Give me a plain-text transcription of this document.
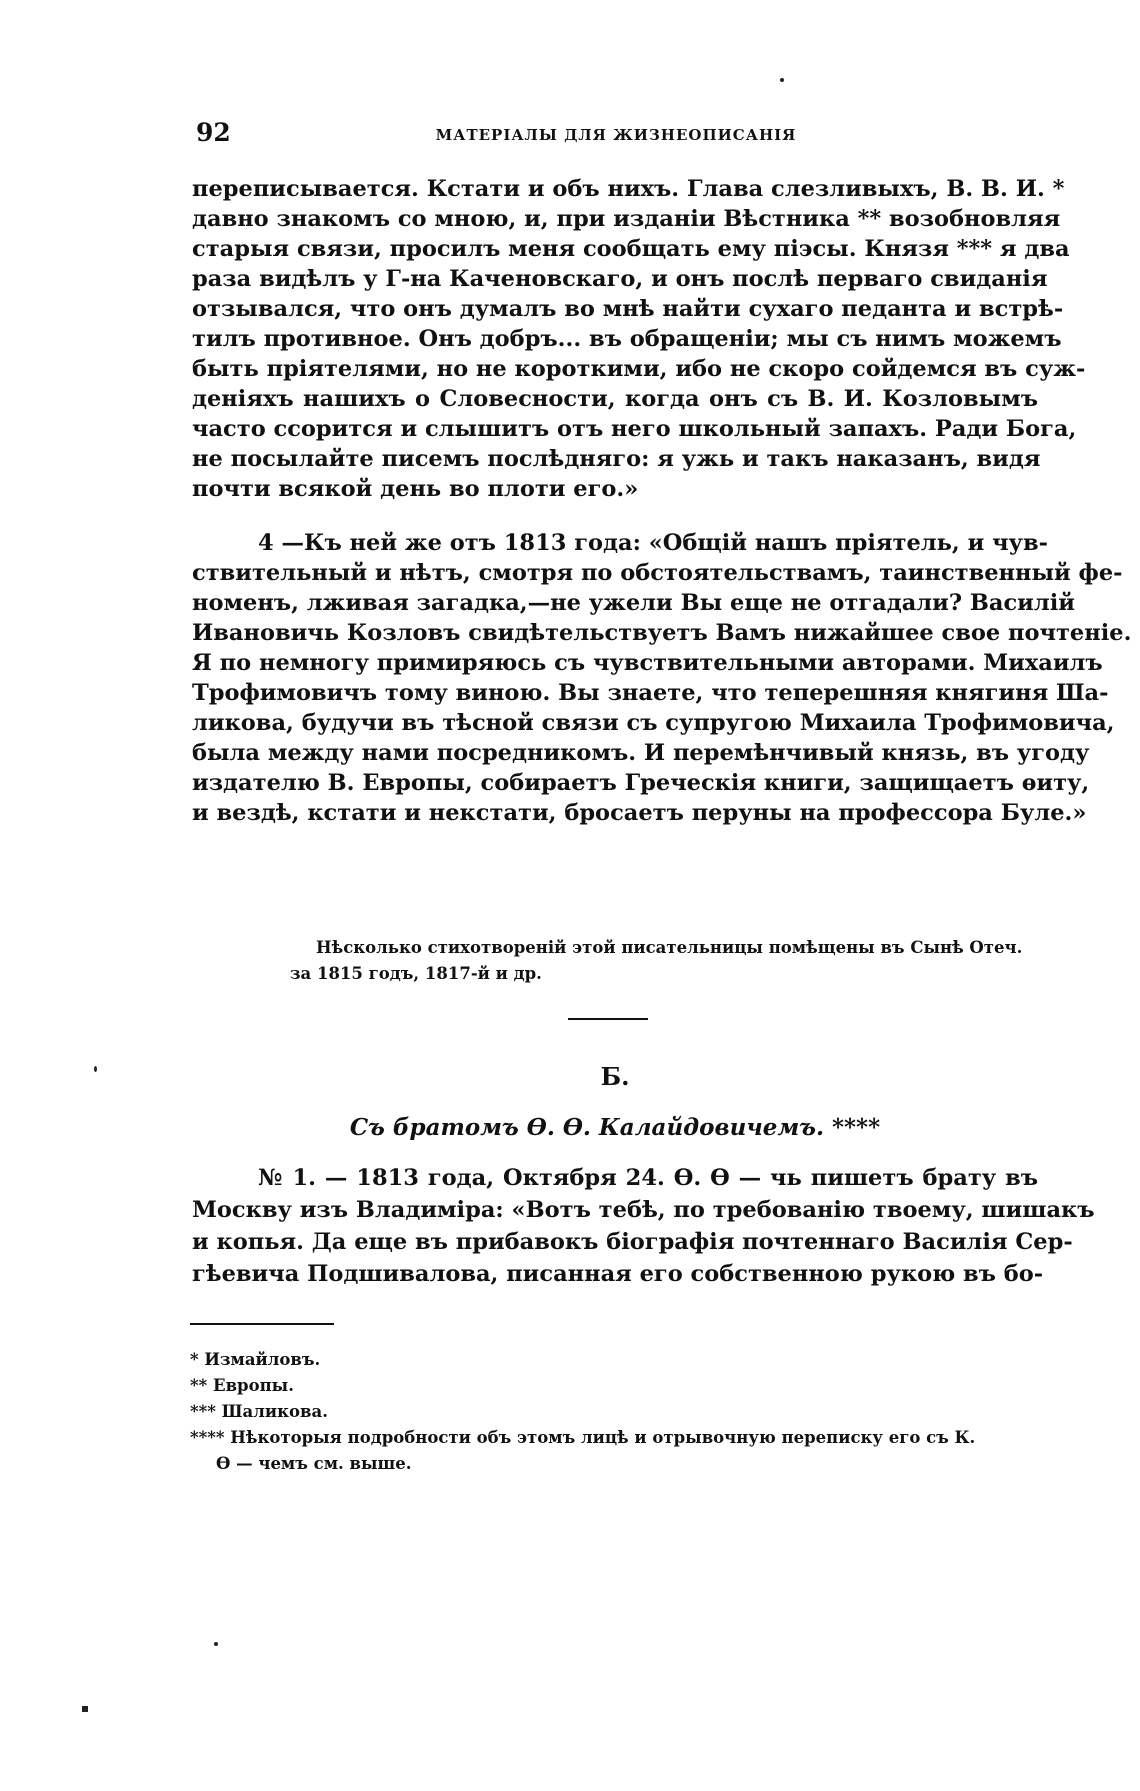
92	МАТЕРІАЛЫ ДЛЯ ЖИЗНЕОПИСАНІЯ
переписывается. Кстати и объ нихъ. Глава слезливыхъ, В. В. И. *
давно знакомъ со мною, и, при изданіи Вѣстника ** возобновляя
старыя связи, просилъ меня сообщать ему піэсы. Князя *** я два
раза видѣлъ у Г-на Каченовскаго, и онъ послѣ перваго свиданія
отзывался, что онъ думалъ во мнѣ найти сухаго педанта и встрѣ-
тилъ противное. Онъ добръ... въ обращеніи; мы съ нимъ можемъ
быть пріятелями, но не короткими, ибо не скоро сойдемся въ суж-
деніяхъ нашихъ о Словесности, когда онъ съ В. И. Козловымъ
часто ссорится и слышитъ отъ него школьный запахъ. Ради Бога,
не посылайте писемъ послѣдняго: я ужь и такъ наказанъ, видя
почти всякой день во плоти его.»
4 —Къ ней же отъ 1813 года: «Общій нашъ пріятель, и чув-
ствительный и нѣтъ, смотря по обстоятельствамъ, таинственный фе-
номенъ, лживая загадка,—не ужели Вы еще не отгадали? Василій
Ивановичь Козловъ свидѣтельствуетъ Вамъ нижайшее свое почтеніе.
Я по немногу примиряюсь съ чувствительными авторами. Михаилъ
Трофимовичъ тому виною. Вы знаете, что теперешняя княгиня Ша-
ликова, будучи въ тѣсной связи съ супругою Михаила Трофимовича,
была между нами посредникомъ. И перемѣнчивый князь, въ угоду
издателю В. Европы, собираетъ Греческія книги, защищаетъ ѳиту,
и вездѣ, кстати и некстати, бросаетъ перуны на профессора Буле.»
Нѣсколько стихотвореній этой писательницы помѣщены въ Сынѣ Отеч.
за 1815 годъ, 1817-й и др.
Б.
Съ братомъ Ѳ. Ѳ. Калайдовичемъ. ****
№ 1. — 1813 года, Октября 24. Ѳ. Ѳ — чь пишетъ брату въ
Москву изъ Владиміра: «Вотъ тебѣ, по требованію твоему, шишакъ
и копья. Да еще въ прибавокъ біографія почтеннаго Василія Сер-
гѣевича Подшивалова, писанная его собственною рукою въ бо-
* Измайловъ.
** Европы.
*** Шаликова.
**** Нѣкоторыя подробности объ этомъ лицѣ и отрывочную переписку его съ К.
Ѳ — чемъ см. выше.
